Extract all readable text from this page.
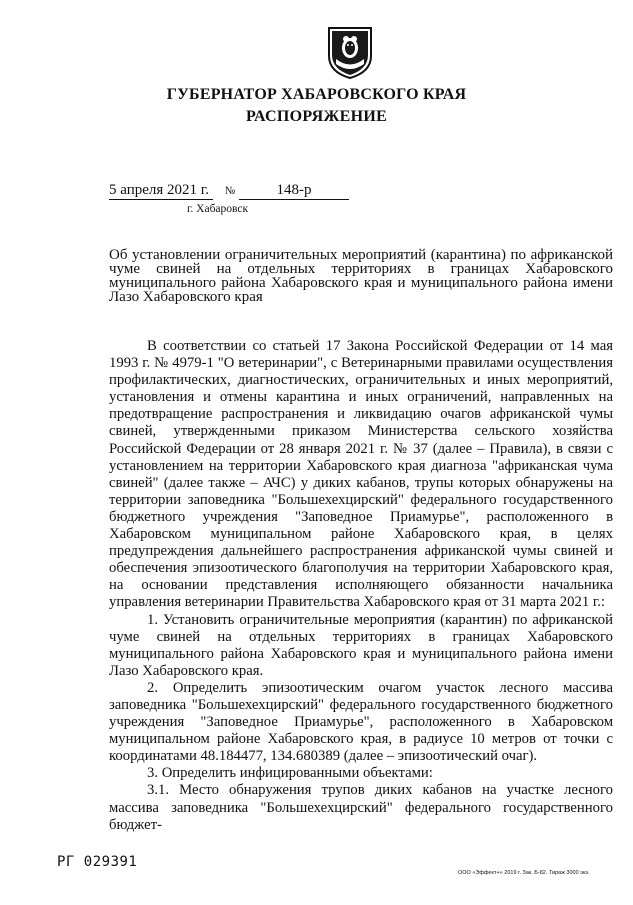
ГУБЕРНАТОР ХАБАРОВСКОГО КРАЯ
РАСПОРЯЖЕНИЕ
5 апреля 2021 г. №	148-р
г. Хабаровск
Об установлении ограничительных мероприятий (карантина) по африканской чуме свиней на отдельных территориях в границах Хабаровского муниципального района Хабаровского края и муниципального района имени Лазо Хабаровского края

В соответствии со статьей 17 Закона Российской Федерации от 14 мая 1993 г. № 4979-1 "О ветеринарии", с Ветеринарными правилами осуществления профилактических, диагностических, ограничительных и иных мероприятий, установления и отмены карантина и иных ограничений, направленных на предотвращение распространения и ликвидацию очагов африканской чумы свиней, утвержденными приказом Министерства сельского хозяйства Российской Федерации от 28 января 2021 г. № 37 (далее – Правила), в связи с установлением на территории Хабаровского края диагноза "африканская чума свиней" (далее также – АЧС) у диких кабанов, трупы которых обнаружены на территории заповедника "Большехехцирский" федерального государственного бюджетного учреждения "Заповедное Приамурье", расположенного в Хабаровском муниципальном районе Хабаровского края, в целях предупреждения дальнейшего распространения африканской чумы свиней и обеспечения эпизоотического благополучия на территории Хабаровского края, на основании представления исполняющего обязанности начальника управления ветеринарии Правительства Хабаровского края от 31 марта 2021 г.:

1. Установить ограничительные мероприятия (карантин) по африканской чуме свиней на отдельных территориях в границах Хабаровского муниципального района Хабаровского края и муниципального района имени Лазо Хабаровского края.

2. Определить эпизоотическим очагом участок лесного массива заповедника "Большехехцирский" федерального государственного бюджетного учреждения "Заповедное Приамурье", расположенного в Хабаровском муниципальном районе Хабаровского края, в радиусе 10 метров от точки с координатами 48.184477, 134.680389 (далее – эпизоотический очаг).

3. Определить инфицированными объектами:

3.1. Место обнаружения трупов диких кабанов на участке лесного массива заповедника "Большехехцирский" федерального государственного бюджет-

РГ 029391
ООО «Эффект+» 2019 г. Зак. Б-82. Тираж 3000 экз.
